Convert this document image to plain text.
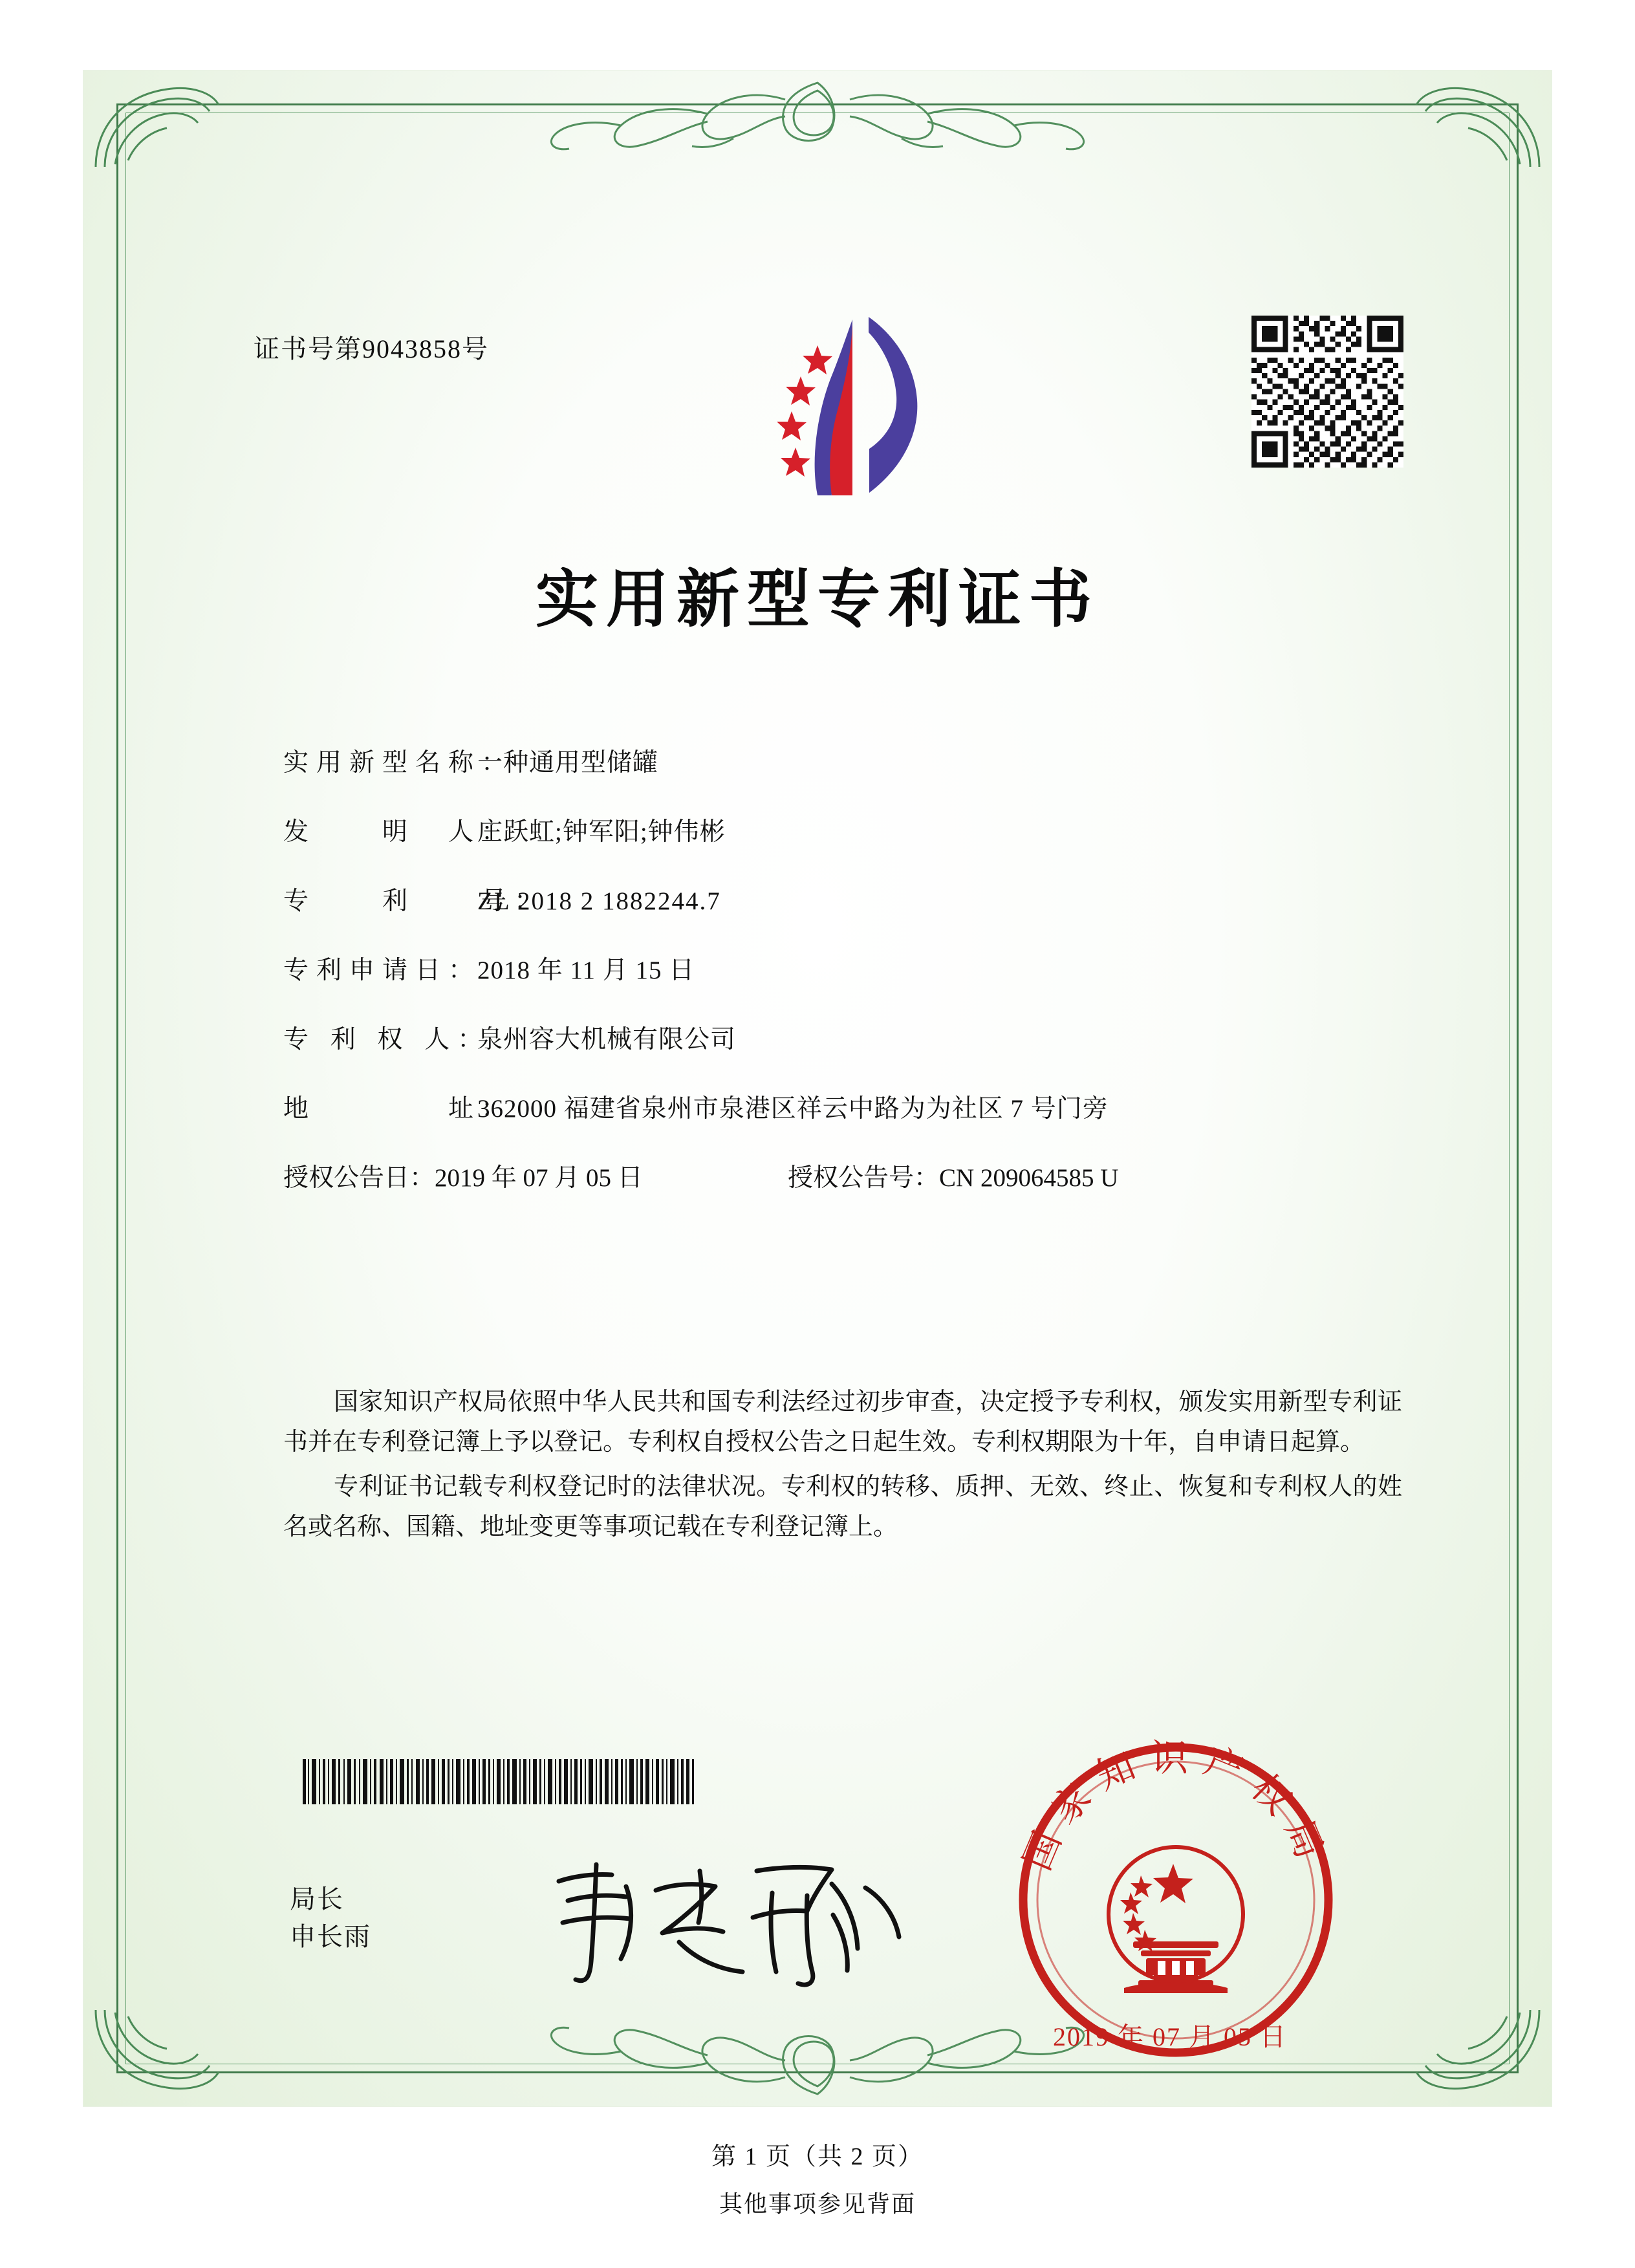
证书号第9043858号
实用新型专利证书
实用新型名称：
一种通用型储罐
发　　明　人：
庄跃虹;钟军阳;钟伟彬
专　　利　　号：
ZL 2018 2 1882244.7
专利申请日：
2018 年 11 月 15 日
专 利 权 人：
泉州容大机械有限公司
地　　　　址：
362000 福建省泉州市泉港区祥云中路为为社区 7 号门旁
授权公告日：2019 年 07 月 05 日	授权公告号：CN 209064585 U

国家知识产权局依照中华人民共和国专利法经过初步审查，决定授予专利权，颁发实用新型专利证书并在专利登记簿上予以登记。专利权自授权公告之日起生效。专利权期限为十年，自申请日起算。

专利证书记载专利权登记时的法律状况。专利权的转移、质押、无效、终止、恢复和专利权人的姓名或名称、国籍、地址变更等事项记载在专利登记簿上。

局长
申长雨
国家知识产权局
2019 年 07 月 05 日
第 1 页（共 2 页）
其他事项参见背面
